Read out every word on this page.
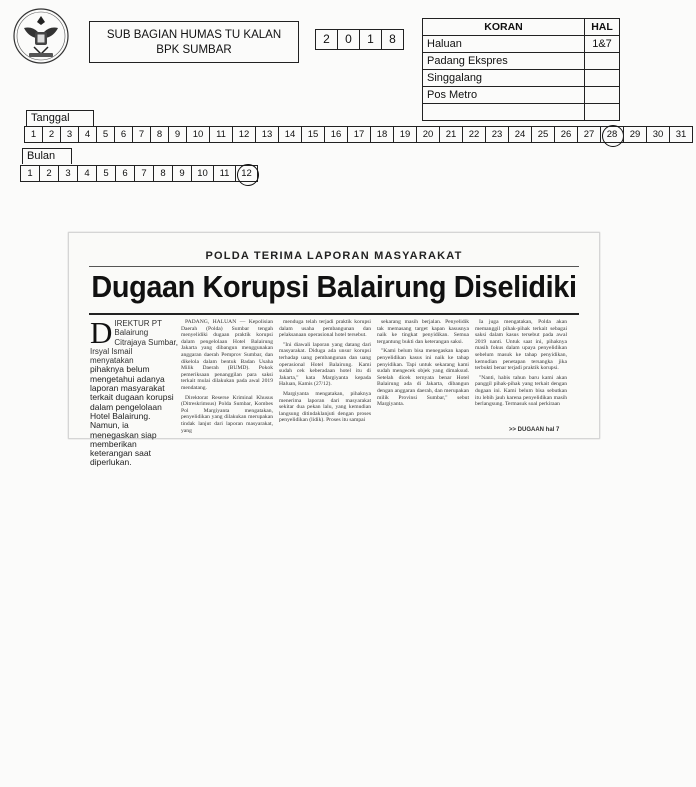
SUB BAGIAN HUMAS TU KALAN
BPK SUMBAR
2	0	1	8
KORAN	HAL
Haluan	1&7
Padang Ekspres	
Singgalang	
Pos Metro	

Tanggal
1	2	3	4	5	6	7	8	9	10	11	12	13	14	15	16	17	18	19	20	21	22	23	24	25	26	27	28	29	30	31
Bulan
1	2	3	4	5	6	7	8	9	10	11	12
POLDA TERIMA LAPORAN MASYARAKAT
Dugaan Korupsi Balairung Diselidiki
D IREKTUR PT Balairung Citrajaya Sumbar, Irsyal Ismail menyatakan
pihaknya belum mengetahui adanya laporan masyarakat terkait dugaan korupsi dalam pengelolaan Hotel Balairung. Namun, ia menegaskan siap memberikan keterangan saat diperlukan.

PADANG, HALUAN — Kepolisian Daerah (Polda) Sumbar tengah menyelidiki dugaan praktik korupsi dalam pengelolaan Hotel Balairung Jakarta yang dibangun menggunakan anggaran daerah Pemprov Sumbar, dan dikelola dalam bentuk Badan Usaha Milik Daerah (BUMD). Pokok pemeriksaan penanggilan para saksi terkait mulai dilakukan pada awal 2019 mendatang.

Direktorat Reserse Kriminal Khusus (Ditreskrimsus) Polda Sumbar, Kombes Pol Margiyanta mengatakan, penyelidikan yang dilakukan merupakan tindak lanjut dari laporan masyarakat, yang

menduga telah terjadi praktik korupsi dalam usaha pembangunan dan pelaksanaan operasional hotel tersebut.

"Ini diawali laporan yang datang dari masyarakat. Diduga ada unsur korupsi terhadap uang pembangunan dan uang operasional Hotel Balairung. Kami sudah cek keberadaan hotel itu di Jakarta," kata Margiyanta kepada Haluan, Kamis (27/12).

Margiyanta mengatakan, pihaknya menerima laporan dari masyarakat sekitar dua pekan lalu, yang kemudian langsung ditindaklanjuti dengan proses penyelidikan (lidik). Proses itu sampai

sekarang masih berjalan. Penyelidik tak memasang target kapan kasusnya naik ke tingkat penyidikan. Semua tergantung bukti dan keterangan saksi.

"Kami belum bisa menegaskan kapan penyelidikan kasus ini naik ke tahap penyidikan. Tapi untuk sekarang kami sudah mengecek objek yang dimaksud. Setelah dicek ternyata benar Hotel Balairung ada di Jakarta, dibangun dengan anggaran daerah, dan merupakan milik Provinsi Sumbar," sebut Margiyanta.

Ia juga mengatakan, Polda akan memanggil pihak-pihak terkait sebagai saksi dalam kasus tersebut pada awal 2019 nanti. Untuk saat ini, pihaknya masih fokus dalam upaya penyelidikan sebelum masuk ke tahap penyidikan, kemudian penetapan tersangka jika terbukti benar terjadi praktik korupsi.

"Nanti, habis tahun baru kami akan panggil pihak-pihak yang terkait dengan dugaan ini. Kami belum bisa sebutkan itu lebih jauh karena penyelidikan masih berlangsung. Termasuk soal perkiraan

>> DUGAAN hal 7
